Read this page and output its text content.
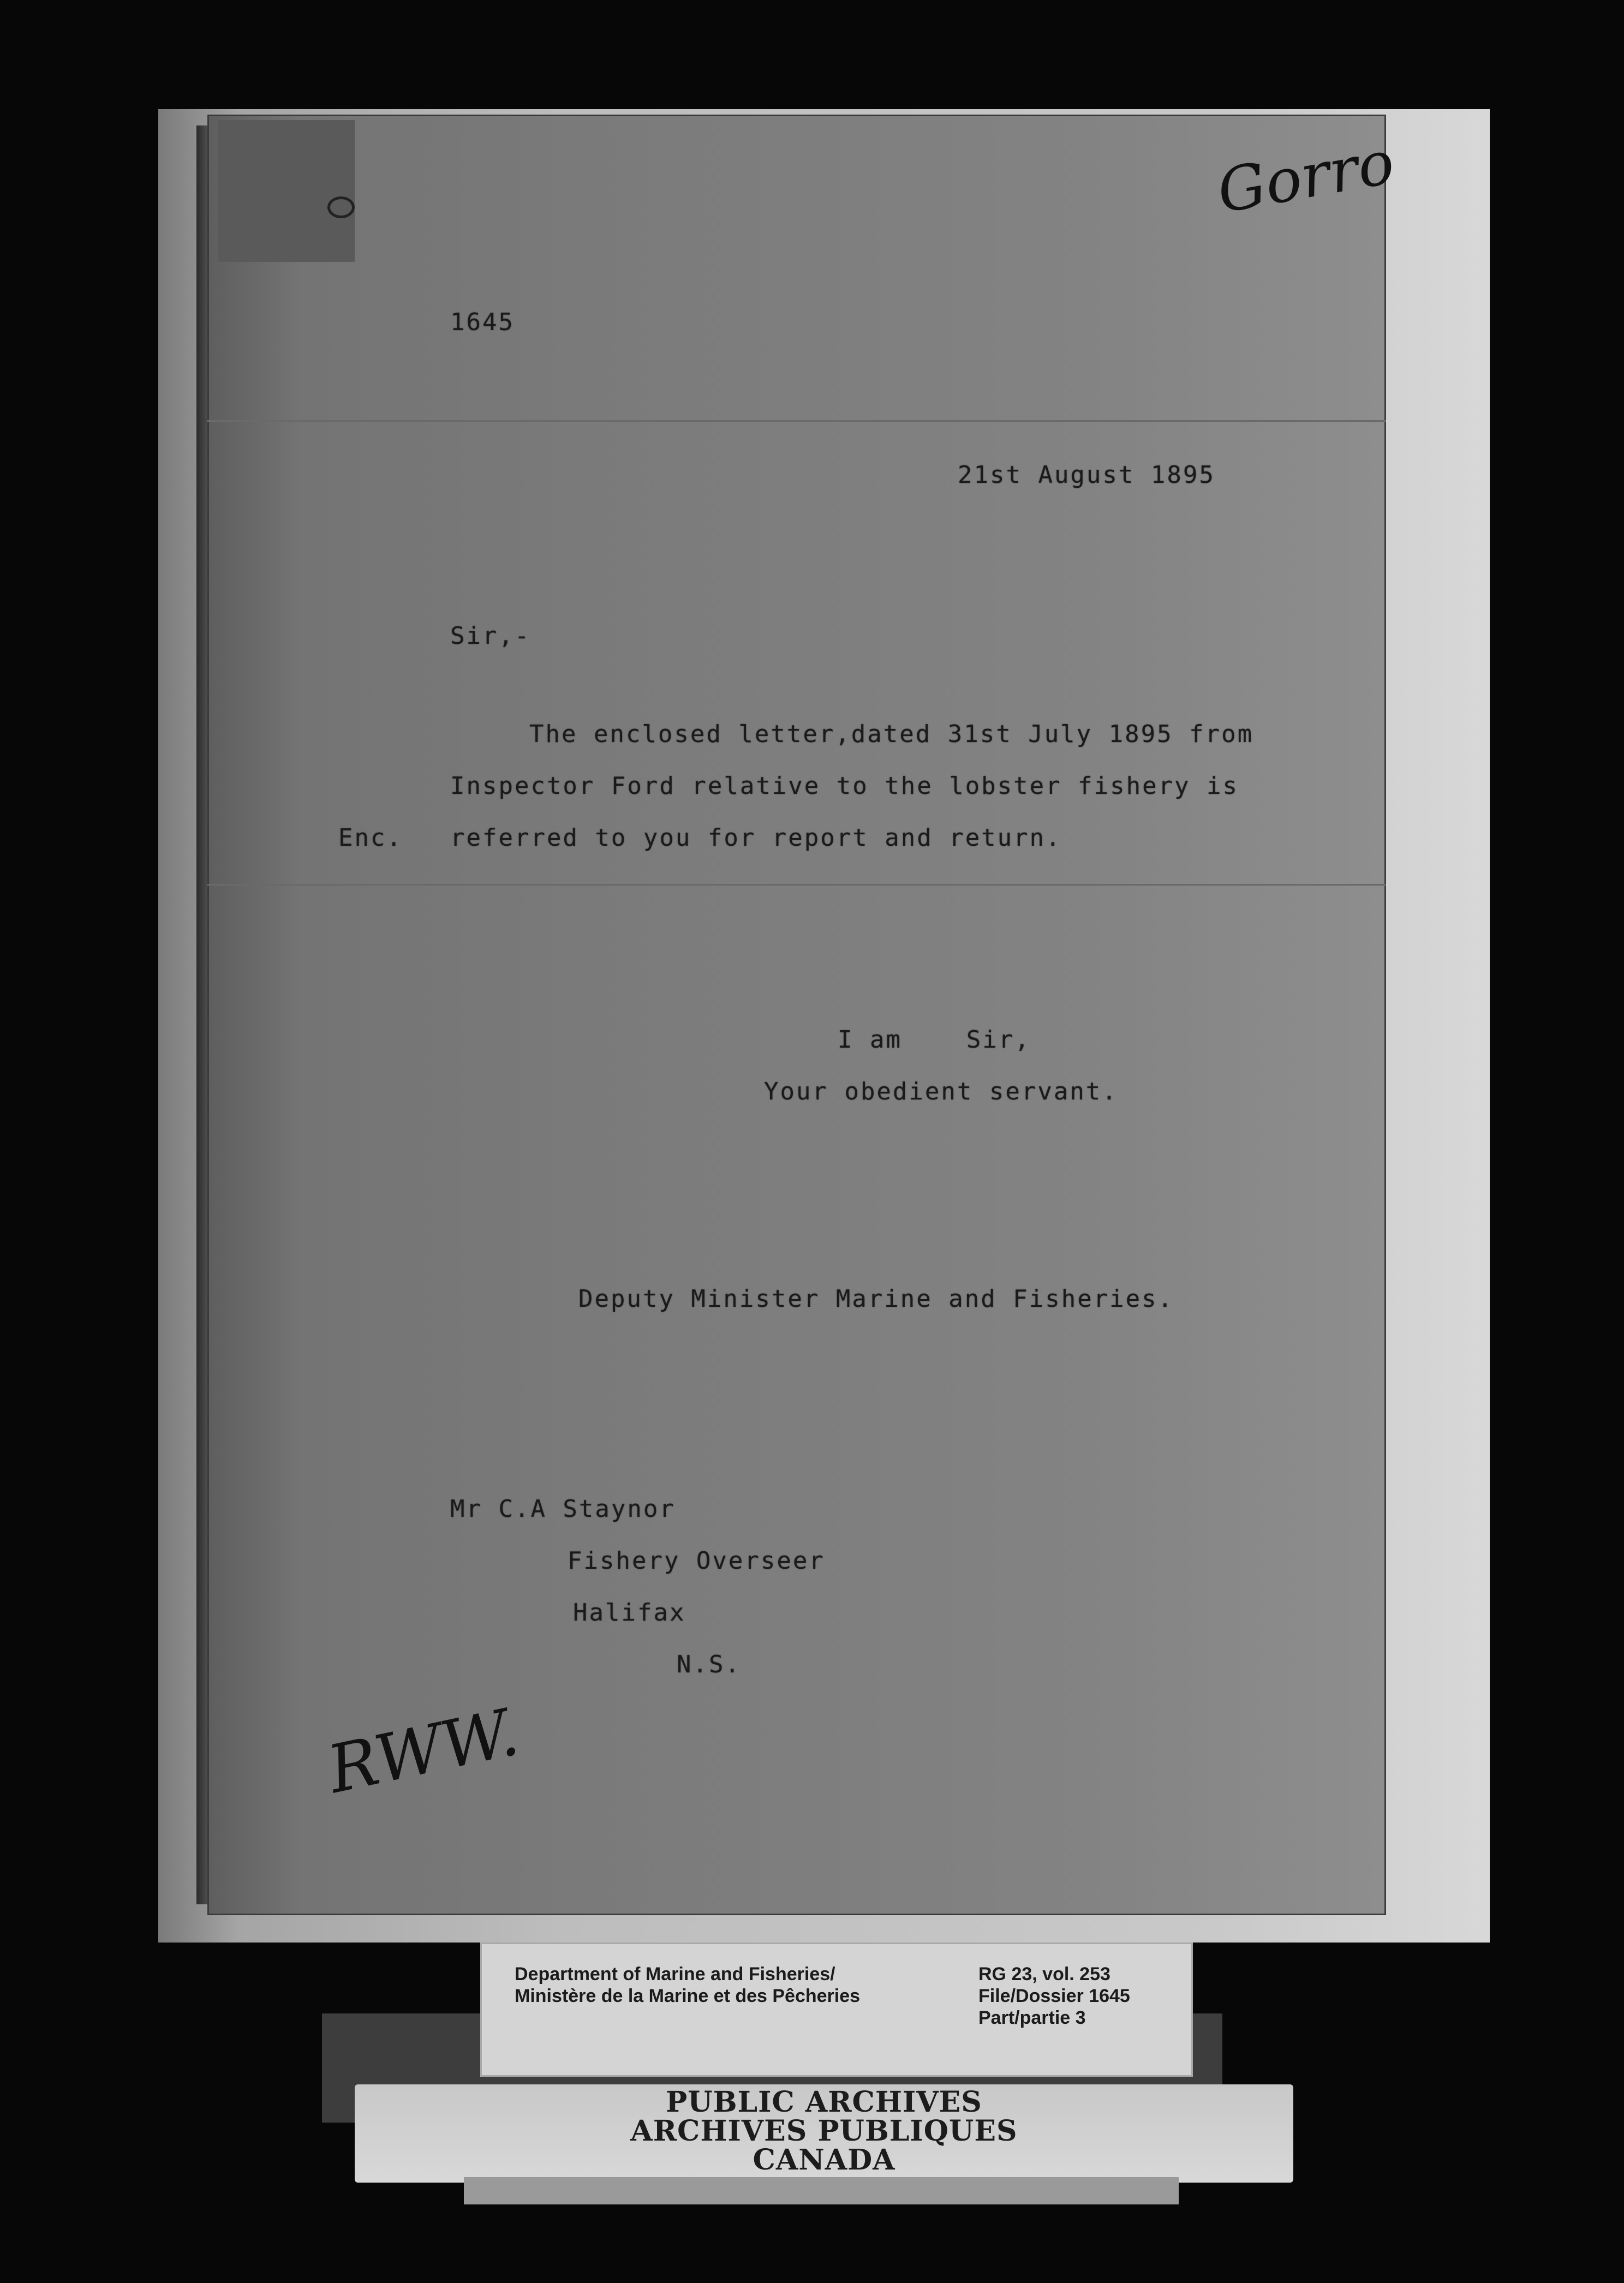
Gorro
1645
21st August 1895
Sir,-
The enclosed letter,dated 31st July 1895 from
Inspector Ford relative to the lobster fishery is
Enc. referred to you for report and return.
I am    Sir,
Your obedient servant.
Deputy Minister Marine and Fisheries.
Mr C.A Staynor
Fishery Overseer
Halifax
N.S.
RWW.
Department of Marine and Fisheries/
Ministère de la Marine et des Pêcheries
RG 23, vol. 253
File/Dossier 1645
Part/partie 3
PUBLIC ARCHIVES
ARCHIVES PUBLIQUES
CANADA
